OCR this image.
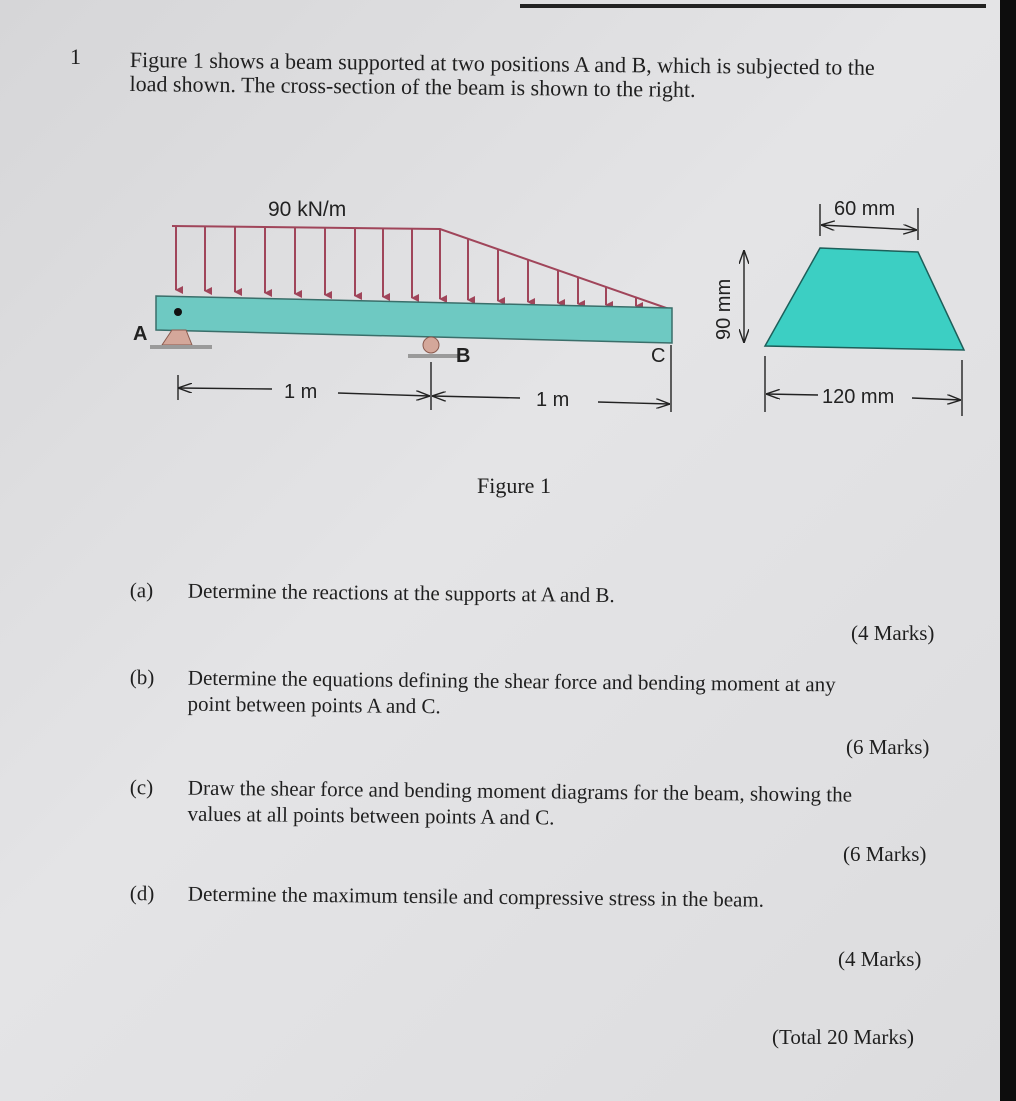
1 Figure 1 shows a beam supported at two positions A and B, which is subjected to the
load shown. The cross-section of the beam is shown to the right.
90 kN/m
A
B	C
1 m	1 m
60 mm
90 mm
120 mm
Figure 1
(a) Determine the reactions at the supports at A and B.
(4 Marks)
(b) Determine the equations defining the shear force and bending moment at any
point between points A and C.
(6 Marks)
(c) Draw the shear force and bending moment diagrams for the beam, showing the
values at all points between points A and C.
(6 Marks)
(d) Determine the maximum tensile and compressive stress in the beam.
(4 Marks)
(Total 20 Marks)
